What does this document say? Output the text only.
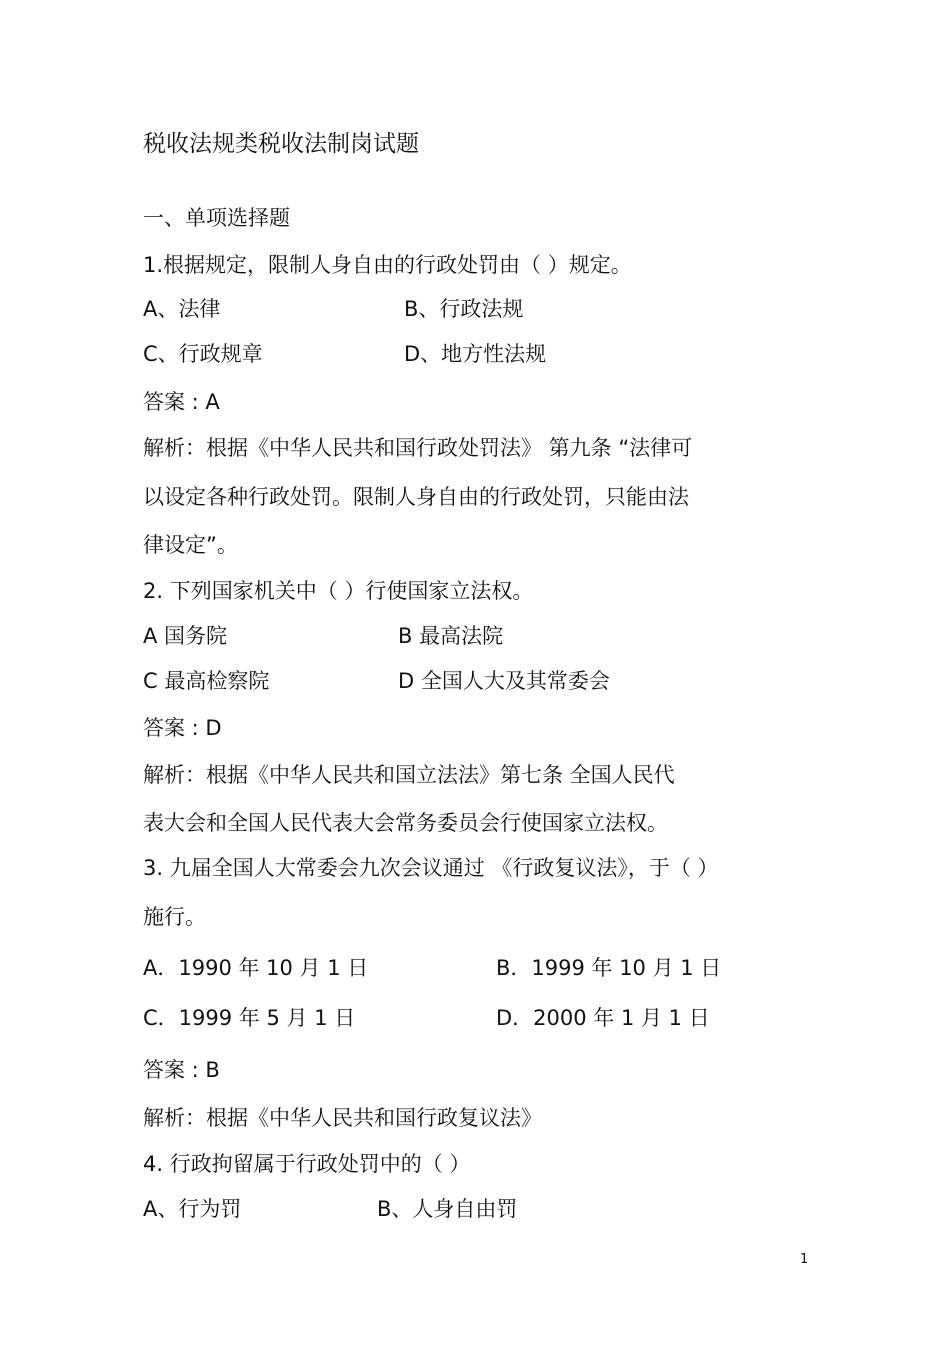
税收法规类税收法制岗试题
一、单项选择题
1.根据规定，限制人身自由的行政处罚由（ ）规定。
A、法律	B、行政法规
C、行政规章	D、地方性法规
答案 : A
解析：根据《中华人民共和国行政处罚法》 第九条 “法律可
以设定各种行政处罚。限制人身自由的行政处罚，只能由法
律设定”。
2. 下列国家机关中（ ）行使国家立法权。
A 国务院	B 最高法院
C 最高检察院	D 全国人大及其常委会
答案 : D
解析：根据《中华人民共和国立法法》第七条 全国人民代
表大会和全国人民代表大会常务委员会行使国家立法权。
3. 九届全国人大常委会九次会议通过 《行政复议法》，于（ ）
施行。
A．1990 年 10 月 1 日	B．1999 年 10 月 1 日
C．1999 年 5 月 1 日	D．2000 年 1 月 1 日
答案 : B
解析：根据《中华人民共和国行政复议法》
4. 行政拘留属于行政处罚中的（ ）
A、行为罚	B、人身自由罚
1
